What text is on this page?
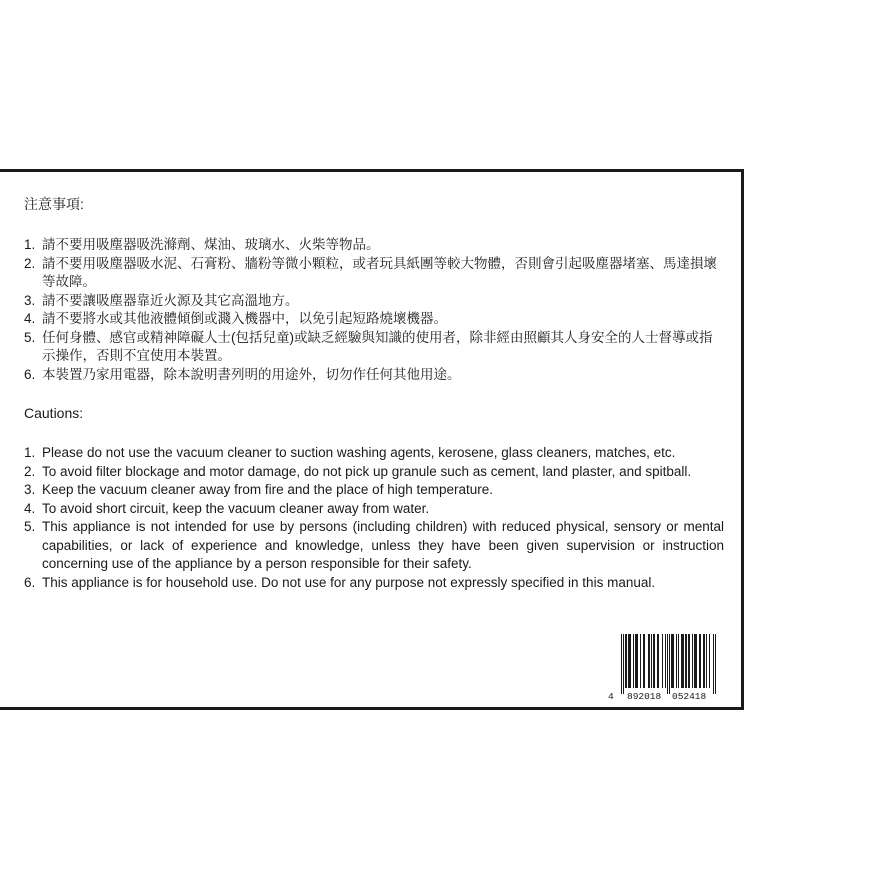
注意事項:

1. 請不要用吸塵器吸洗滌劑、煤油、玻璃水、火柴等物品。
2. 請不要用吸塵器吸水泥、石膏粉、牆粉等微小顆粒，或者玩具紙團等較大物體，否則會引起吸塵器堵塞、馬達損壞等故障。
3. 請不要讓吸塵器靠近火源及其它高溫地方。
4. 請不要將水或其他液體傾倒或濺入機器中，以免引起短路燒壞機器。
5. 任何身體、感官或精神障礙人士(包括兒童)或缺乏經驗與知識的使用者，除非經由照顧其人身安全的人士督導或指示操作，否則不宜使用本裝置。
6. 本裝置乃家用電器，除本說明書列明的用途外，切勿作任何其他用途。

Cautions:

1. Please do not use the vacuum cleaner to suction washing agents, kerosene, glass cleaners, matches, etc.
2. To avoid filter blockage and motor damage, do not pick up granule such as cement, land plaster, and spitball.
3. Keep the vacuum cleaner away from fire and the place of high temperature.
4. To avoid short circuit, keep the vacuum cleaner away from water.
5. This appliance is not intended for use by persons (including children) with reduced physical, sensory or mental capabilities, or lack of experience and knowledge, unless they have been given supervision or instruction concerning use of the appliance by a person responsible for their safety.
6. This appliance is for household use. Do not use for any purpose not expressly specified in this manual.
4 892018 052418
